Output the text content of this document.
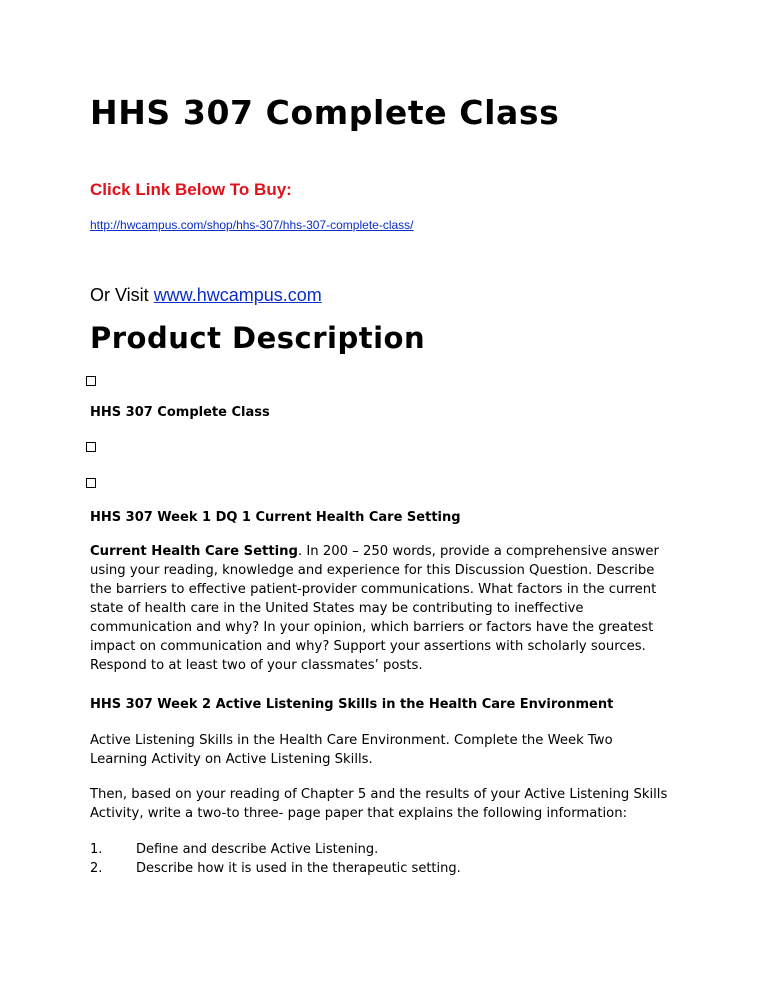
HHS 307 Complete Class
Click Link Below To Buy:
http://hwcampus.com/shop/hhs-307/hhs-307-complete-class/
Or Visit www.hwcampus.com
Product Description
HHS 307 Complete Class
HHS 307 Week 1 DQ 1 Current Health Care Setting
Current Health Care Setting. In 200 – 250 words, provide a comprehensive answer
using your reading, knowledge and experience for this Discussion Question. Describe
the barriers to effective patient-provider communications. What factors in the current
state of health care in the United States may be contributing to ineffective
communication and why? In your opinion, which barriers or factors have the greatest
impact on communication and why? Support your assertions with scholarly sources.
Respond to at least two of your classmates’ posts.
HHS 307 Week 2 Active Listening Skills in the Health Care Environment
Active Listening Skills in the Health Care Environment. Complete the Week Two
Learning Activity on Active Listening Skills.
Then, based on your reading of Chapter 5 and the results of your Active Listening Skills
Activity, write a two-to three- page paper that explains the following information:
1.	Define and describe Active Listening.
2.	Describe how it is used in the therapeutic setting.
